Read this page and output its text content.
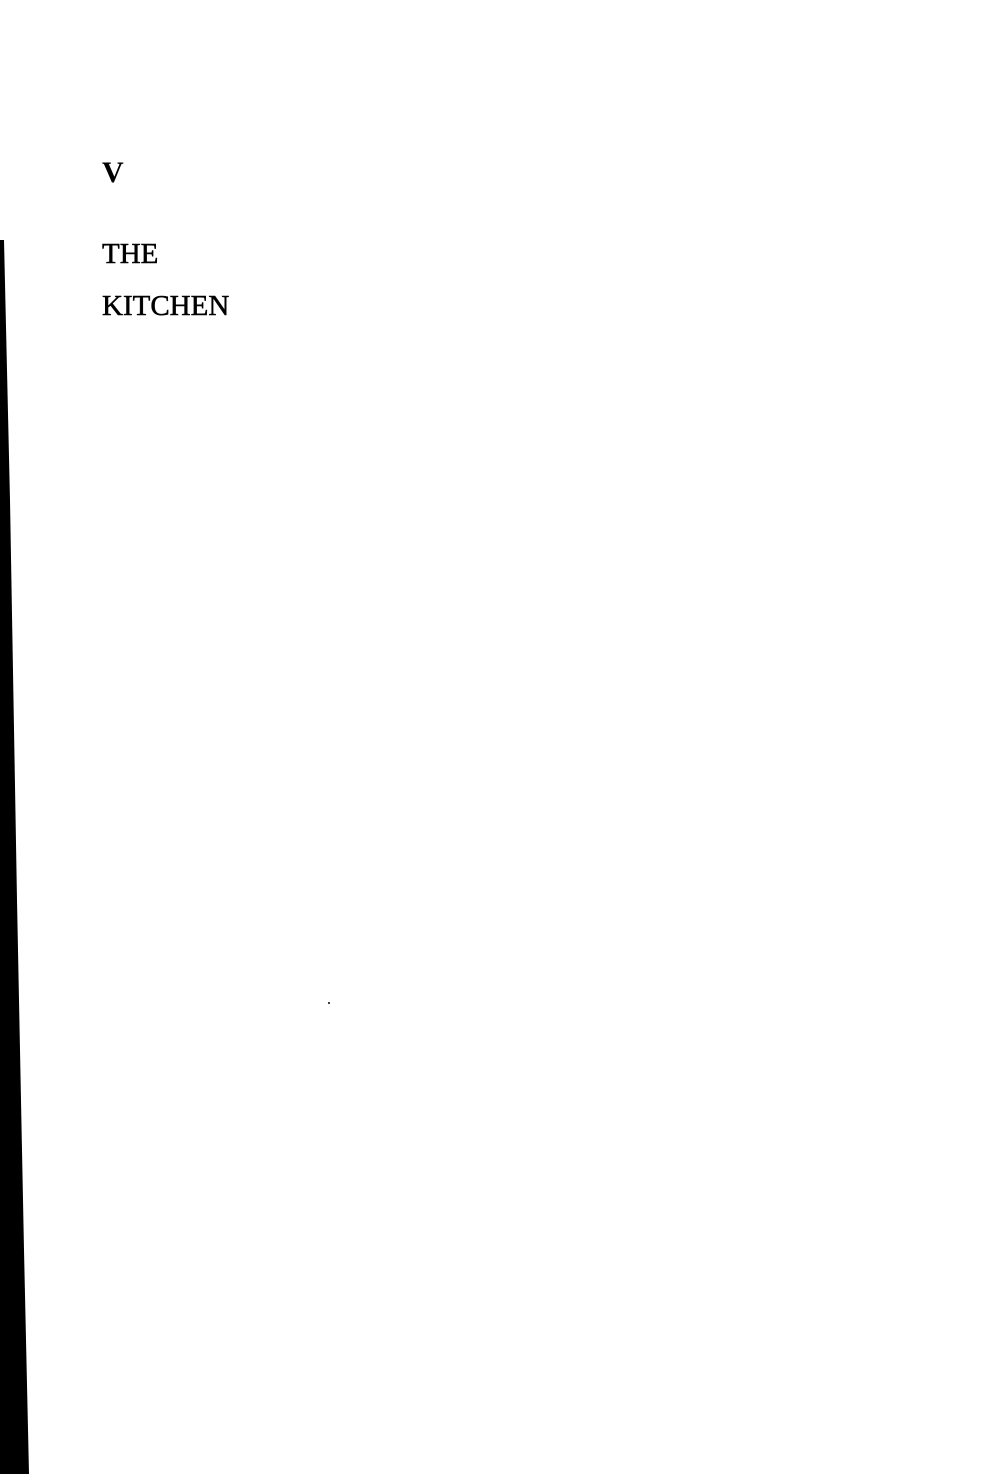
V
THE
KITCHEN
